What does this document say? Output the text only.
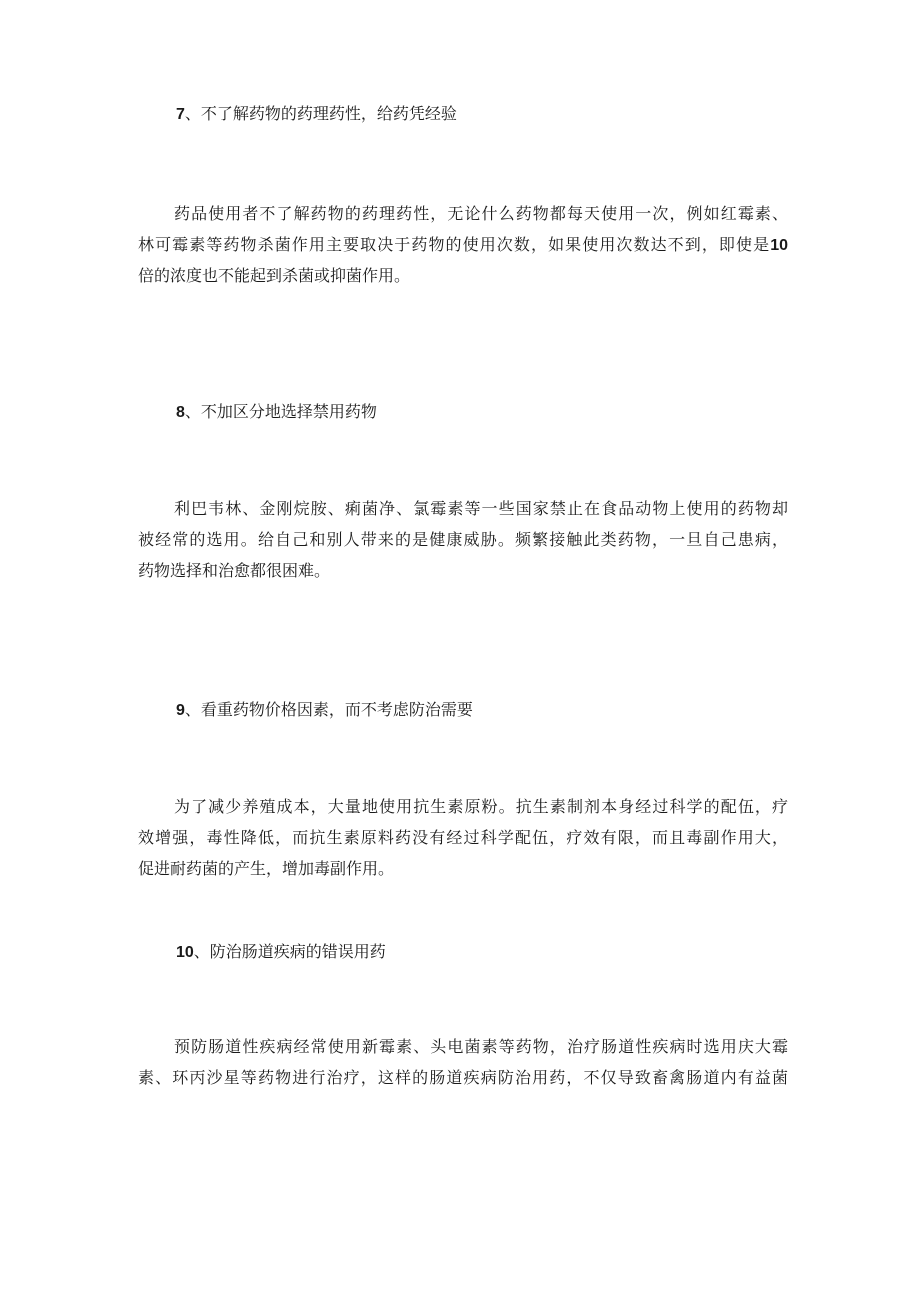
7、不了解药物的药理药性，给药凭经验
药品使用者不了解药物的药理药性，无论什么药物都每天使用一次，例如红霉素、
林可霉素等药物杀菌作用主要取决于药物的使用次数，如果使用次数达不到，即使是10
倍的浓度也不能起到杀菌或抑菌作用。
8、不加区分地选择禁用药物
利巴韦林、金刚烷胺、痢菌净、氯霉素等一些国家禁止在食品动物上使用的药物却
被经常的选用。给自己和别人带来的是健康威胁。频繁接触此类药物，一旦自己患病，
药物选择和治愈都很困难。
9、看重药物价格因素，而不考虑防治需要
为了减少养殖成本，大量地使用抗生素原粉。抗生素制剂本身经过科学的配伍，疗
效增强，毒性降低，而抗生素原料药没有经过科学配伍，疗效有限，而且毒副作用大，
促进耐药菌的产生，增加毒副作用。
10、防治肠道疾病的错误用药
预防肠道性疾病经常使用新霉素、头电菌素等药物，治疗肠道性疾病时选用庆大霉
素、环丙沙星等药物进行治疗，这样的肠道疾病防治用药，不仅导致畜禽肠道内有益菌
